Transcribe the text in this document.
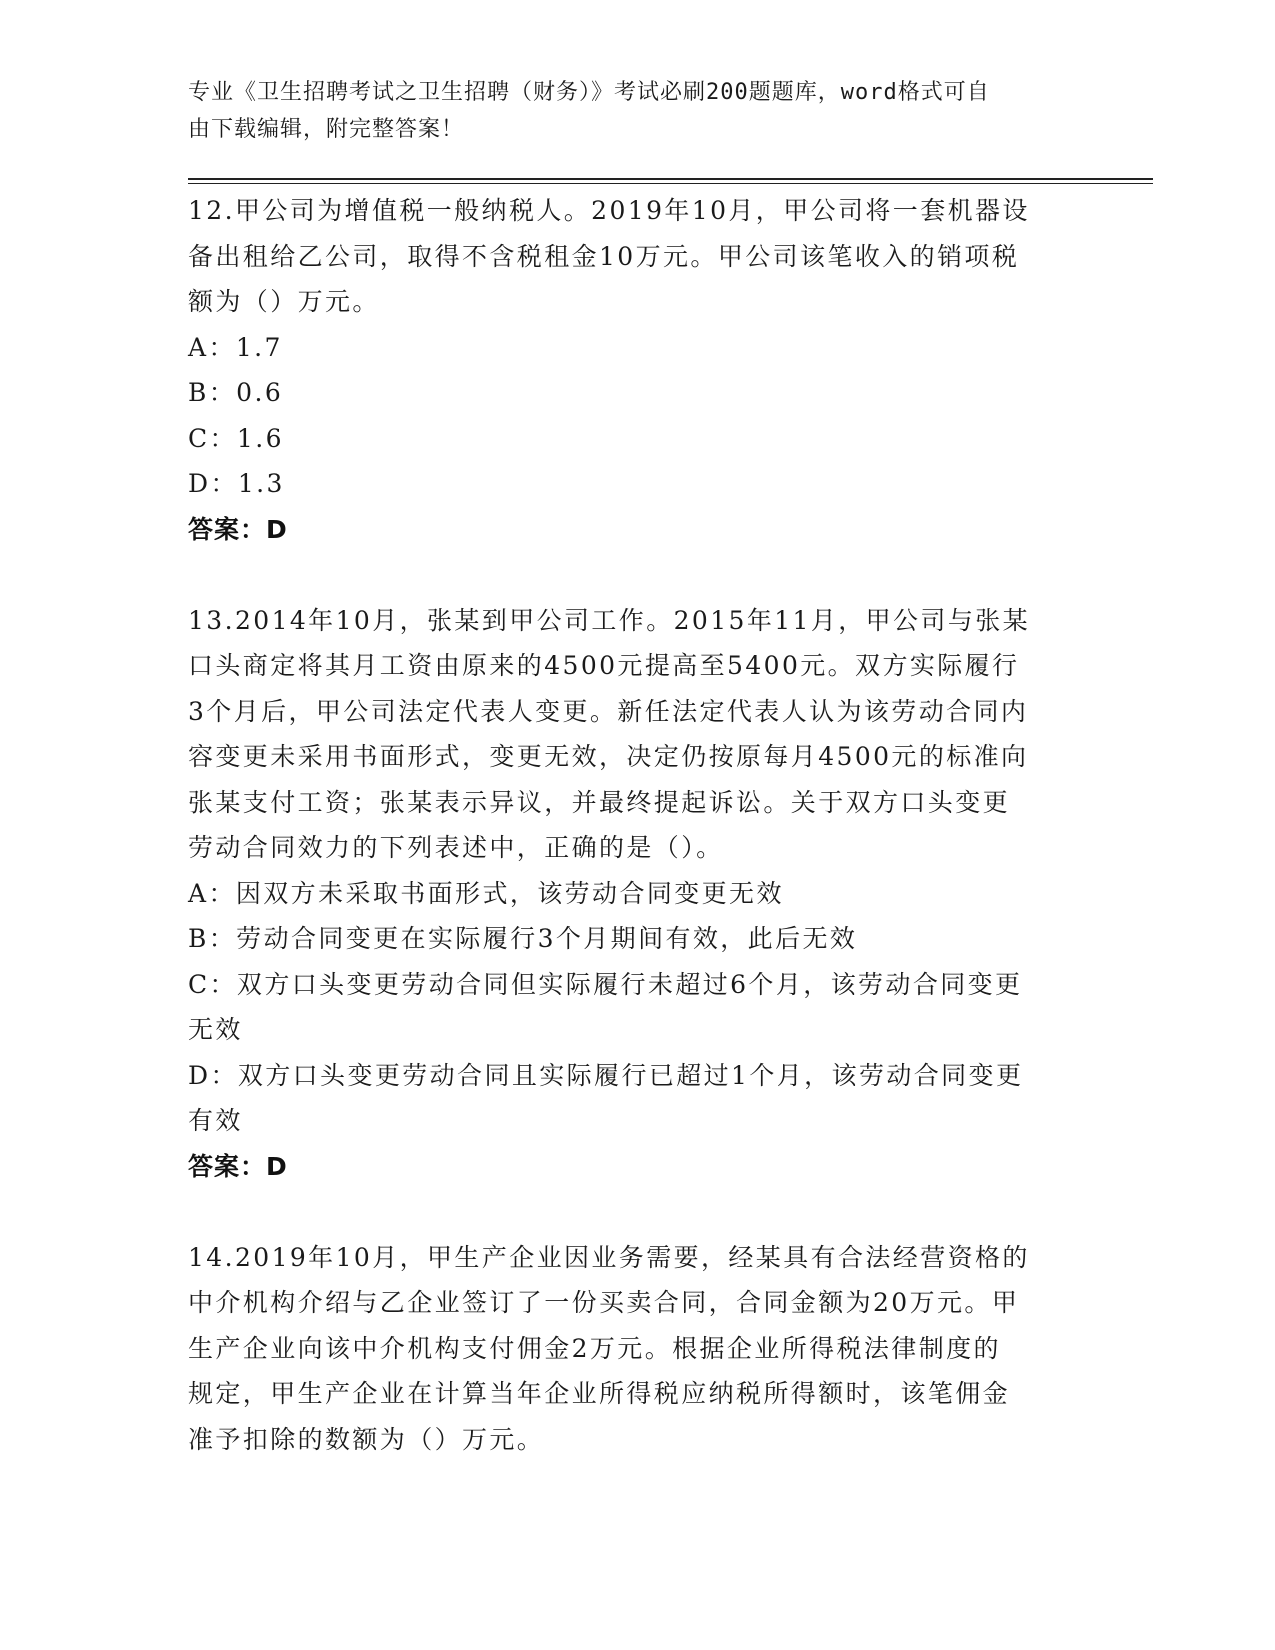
专业《卫生招聘考试之卫生招聘（财务）》考试必刷200题题库，word格式可自
由下载编辑，附完整答案！

12.甲公司为增值税一般纳税人。2019年10月，甲公司将一套机器设

备出租给乙公司，取得不含税租金10万元。甲公司该笔收入的销项税

额为（）万元。

A：1.7

B：0.6

C：1.6

D：1.3

答案：D

13.2014年10月，张某到甲公司工作。2015年11月，甲公司与张某

口头商定将其月工资由原来的4500元提高至5400元。双方实际履行

3个月后，甲公司法定代表人变更。新任法定代表人认为该劳动合同内

容变更未采用书面形式，变更无效，决定仍按原每月4500元的标准向

张某支付工资；张某表示异议，并最终提起诉讼。关于双方口头变更

劳动合同效力的下列表述中，正确的是（）。

A：因双方未采取书面形式，该劳动合同变更无效

B：劳动合同变更在实际履行3个月期间有效，此后无效

C：双方口头变更劳动合同但实际履行未超过6个月，该劳动合同变更

无效

D：双方口头变更劳动合同且实际履行已超过1个月，该劳动合同变更

有效

答案：D

14.2019年10月，甲生产企业因业务需要，经某具有合法经营资格的

中介机构介绍与乙企业签订了一份买卖合同，合同金额为20万元。甲

生产企业向该中介机构支付佣金2万元。根据企业所得税法律制度的

规定，甲生产企业在计算当年企业所得税应纳税所得额时，该笔佣金

准予扣除的数额为（）万元。
